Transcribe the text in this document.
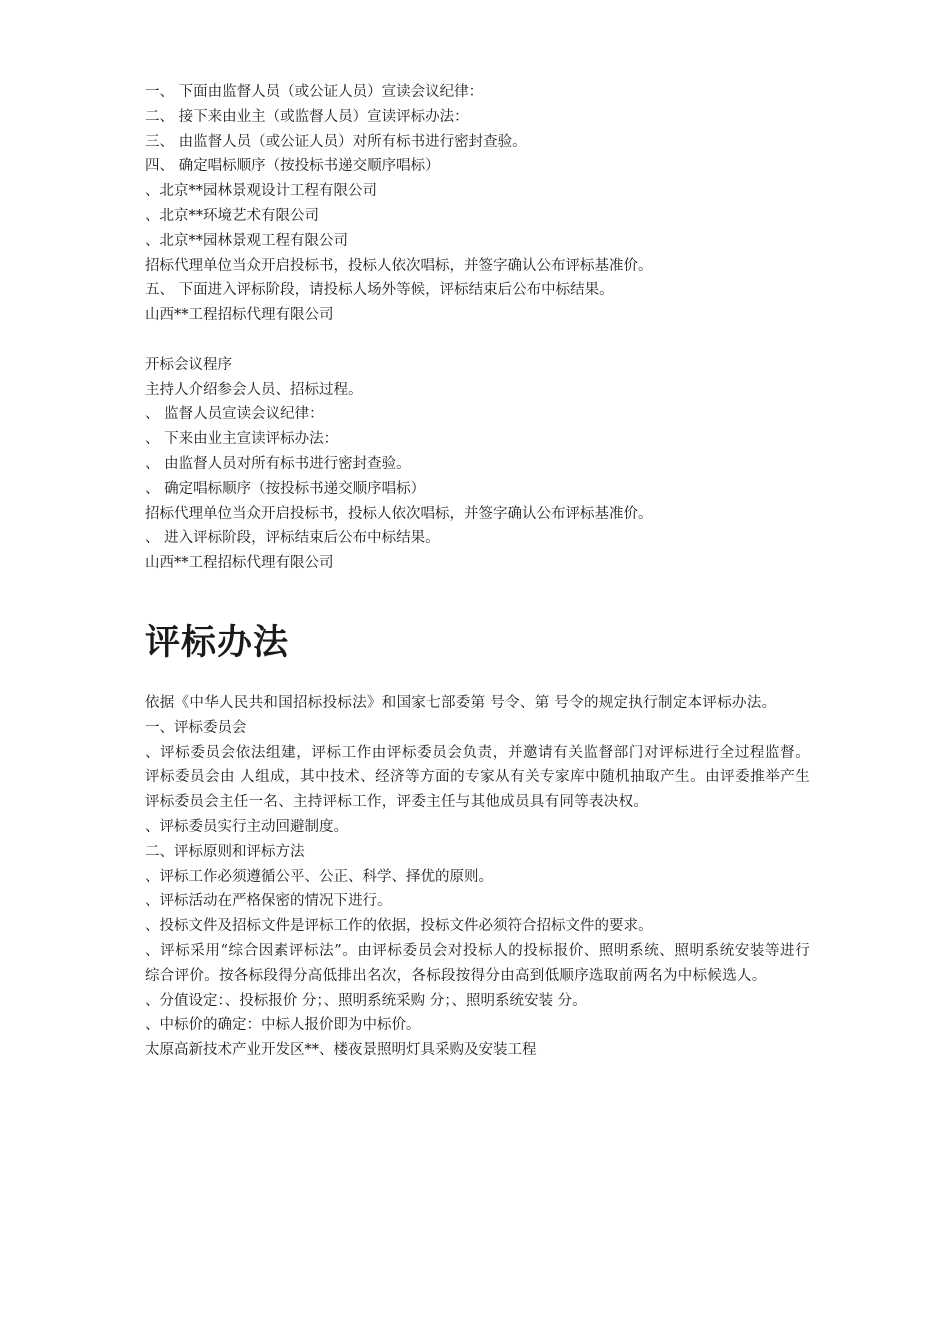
一、 下面由监督人员（或公证人员）宣读会议纪律：
二、 接下来由业主（或监督人员）宣读评标办法：
三、 由监督人员（或公证人员）对所有标书进行密封查验。
四、 确定唱标顺序（按投标书递交顺序唱标）
、北京**园林景观设计工程有限公司
、北京**环境艺术有限公司
、北京**园林景观工程有限公司
招标代理单位当众开启投标书，投标人依次唱标，并签字确认公布评标基准价。
五、 下面进入评标阶段，请投标人场外等候，评标结束后公布中标结果。
山西**工程招标代理有限公司
开标会议程序
主持人介绍参会人员、招标过程。
、 监督人员宣读会议纪律：
、 下来由业主宣读评标办法：
、 由监督人员对所有标书进行密封查验。
、 确定唱标顺序（按投标书递交顺序唱标）
招标代理单位当众开启投标书，投标人依次唱标，并签字确认公布评标基准价。
、 进入评标阶段，评标结束后公布中标结果。
山西**工程招标代理有限公司
评标办法
依据《中华人民共和国招标投标法》和国家七部委第 号令、第 号令的规定执行制定本评标办法。
一、评标委员会
、评标委员会依法组建，评标工作由评标委员会负责，并邀请有关监督部门对评标进行全过程监督。评标委员会由 人组成，其中技术、经济等方面的专家从有关专家库中随机抽取产生。由评委推举产生评标委员会主任一名、主持评标工作，评委主任与其他成员具有同等表决权。
、评标委员实行主动回避制度。
二、评标原则和评标方法
、评标工作必须遵循公平、公正、科学、择优的原则。
、评标活动在严格保密的情况下进行。
、投标文件及招标文件是评标工作的依据，投标文件必须符合招标文件的要求。
、评标采用“综合因素评标法”。由评标委员会对投标人的投标报价、照明系统、照明系统安装等进行综合评价。按各标段得分高低排出名次，各标段按得分由高到低顺序选取前两名为中标候选人。
、分值设定：、投标报价 分；、照明系统采购 分；、照明系统安装 分。
、中标价的确定：中标人报价即为中标价。
太原高新技术产业开发区**、楼夜景照明灯具采购及安装工程
